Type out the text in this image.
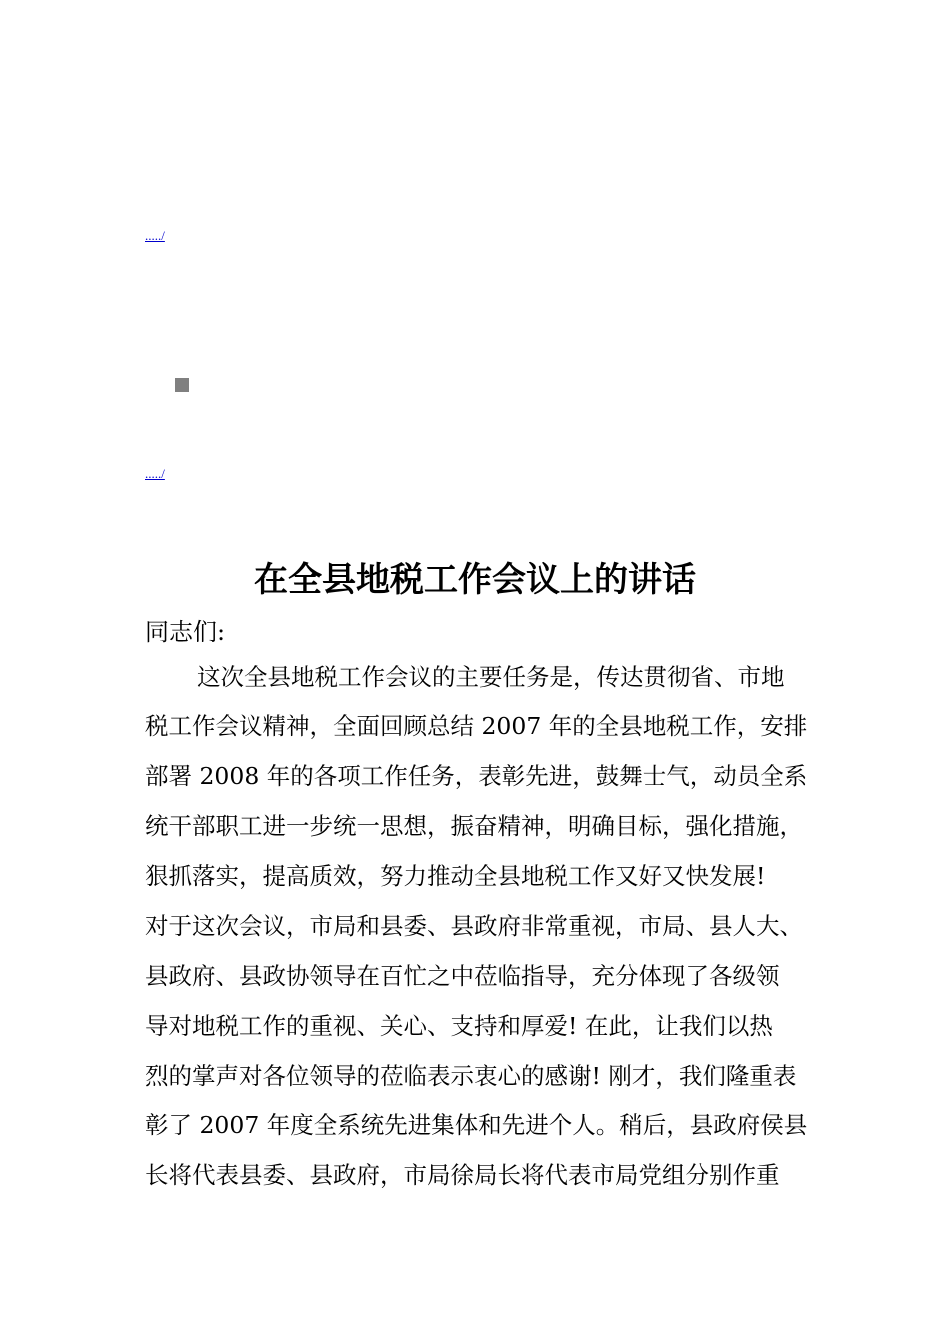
...../
...../
在全县地税工作会议上的讲话
同志们:
这次全县地税工作会议的主要任务是，传达贯彻省、市地
税工作会议精神，全面回顾总结 2007 年的全县地税工作，安排
部署 2008 年的各项工作任务，表彰先进，鼓舞士气，动员全系
统干部职工进一步统一思想，振奋精神，明确目标，强化措施，
狠抓落实，提高质效，努力推动全县地税工作又好又快发展!
对于这次会议，市局和县委、县政府非常重视，市局、县人大、
县政府、县政协领导在百忙之中莅临指导，充分体现了各级领
导对地税工作的重视、关心、支持和厚爱! 在此，让我们以热
烈的掌声对各位领导的莅临表示衷心的感谢! 刚才，我们隆重表
彰了 2007 年度全系统先进集体和先进个人。稍后，县政府侯县
长将代表县委、县政府，市局徐局长将代表市局党组分别作重
